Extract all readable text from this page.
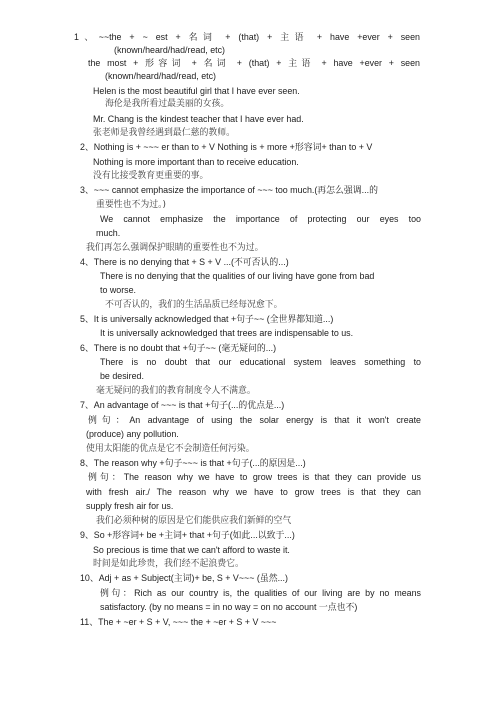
1、~~the + ~ est + 名词 + (that) + 主语 + have +ever + seen
(known/heard/had/read, etc)
the most + 形容词 + 名词 + (that) + 主语 + have +ever + seen
(known/heard/had/read, etc)
Helen is the most beautiful girl that I have ever seen.
海伦是我所看过最美丽的女孩。
Mr. Chang is the kindest teacher that I have ever had.
张老师是我曾经遇到最仁慈的教师。
2、Nothing is + ~~~ er than to + V Nothing is + more +形容词+ than to + V
Nothing is more important than to receive education.
没有比接受教育更重要的事。
3、~~~ cannot emphasize the importance of ~~~ too much.(再怎么强调...的
重要性也不为过。)
We cannot emphasize the importance of protecting our eyes too
much.
我们再怎么强调保护眼睛的重要性也不为过。
4、There is no denying that + S + V ...(不可否认的...)
There is no denying that the qualities of our living have gone from bad
to worse.
不可否认的，我们的生活品质已经每况愈下。
5、It is universally acknowledged that +句子~~ (全世界都知道...)
It is universally acknowledged that trees are indispensable to us.
6、There is no doubt that +句子~~ (毫无疑问的...)
There is no doubt that our educational system leaves something to
be desired.
毫无疑问的我们的教育制度令人不满意。
7、An advantage of ~~~ is that +句子(...的优点是...)
例句：An advantage of using the solar energy is that it won't create
(produce) any pollution.
使用太阳能的优点是它不会制造任何污染。
8、The reason why +句子~~~ is that +句子(...的原因是...)
例句：The reason why we have to grow trees is that they can provide us
with fresh air./ The reason why we have to grow trees is that they can
supply fresh air for us.
我们必须种树的原因是它们能供应我们新鲜的空气
9、So +形容词+ be +主词+ that +句子(如此...以致于...)
So precious is time that we can't afford to waste it.
时间是如此珍贵，我们经不起浪费它。
10、Adj + as + Subject(主词)+ be, S + V~~~ (虽然...)
例句：Rich as our country is, the qualities of our living are by no means
satisfactory. (by no means = in no way = on no account 一点也不)
11、The + ~er + S + V, ~~~ the + ~er + S + V ~~~
